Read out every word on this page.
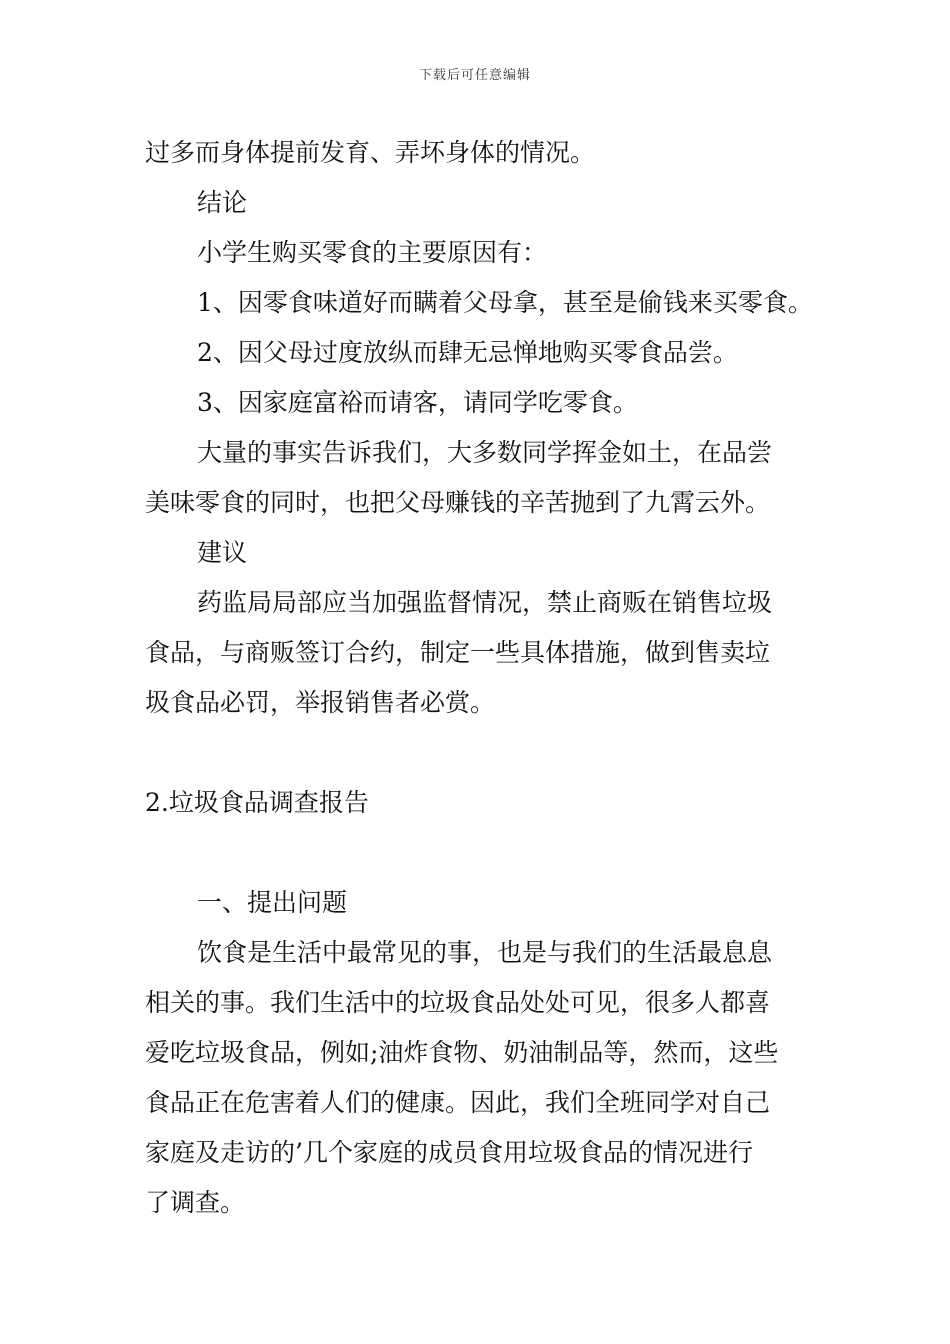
下载后可任意编辑

过多而身体提前发育、弄坏身体的情况。

结论

小学生购买零食的主要原因有：

1、因零食味道好而瞒着父母拿，甚至是偷钱来买零食。

2、因父母过度放纵而肆无忌惮地购买零食品尝。

3、因家庭富裕而请客，请同学吃零食。

大量的事实告诉我们，大多数同学挥金如土，在品尝

美味零食的同时，也把父母赚钱的辛苦抛到了九霄云外。

建议

药监局局部应当加强监督情况，禁止商贩在销售垃圾

食品，与商贩签订合约，制定一些具体措施，做到售卖垃

圾食品必罚，举报销售者必赏。

2.垃圾食品调查报告

一、提出问题

饮食是生活中最常见的事，也是与我们的生活最息息

相关的事。我们生活中的垃圾食品处处可见，很多人都喜

爱吃垃圾食品，例如;油炸食物、奶油制品等，然而，这些

食品正在危害着人们的健康。因此，我们全班同学对自己

家庭及走访的’几个家庭的成员食用垃圾食品的情况进行

了调查。
